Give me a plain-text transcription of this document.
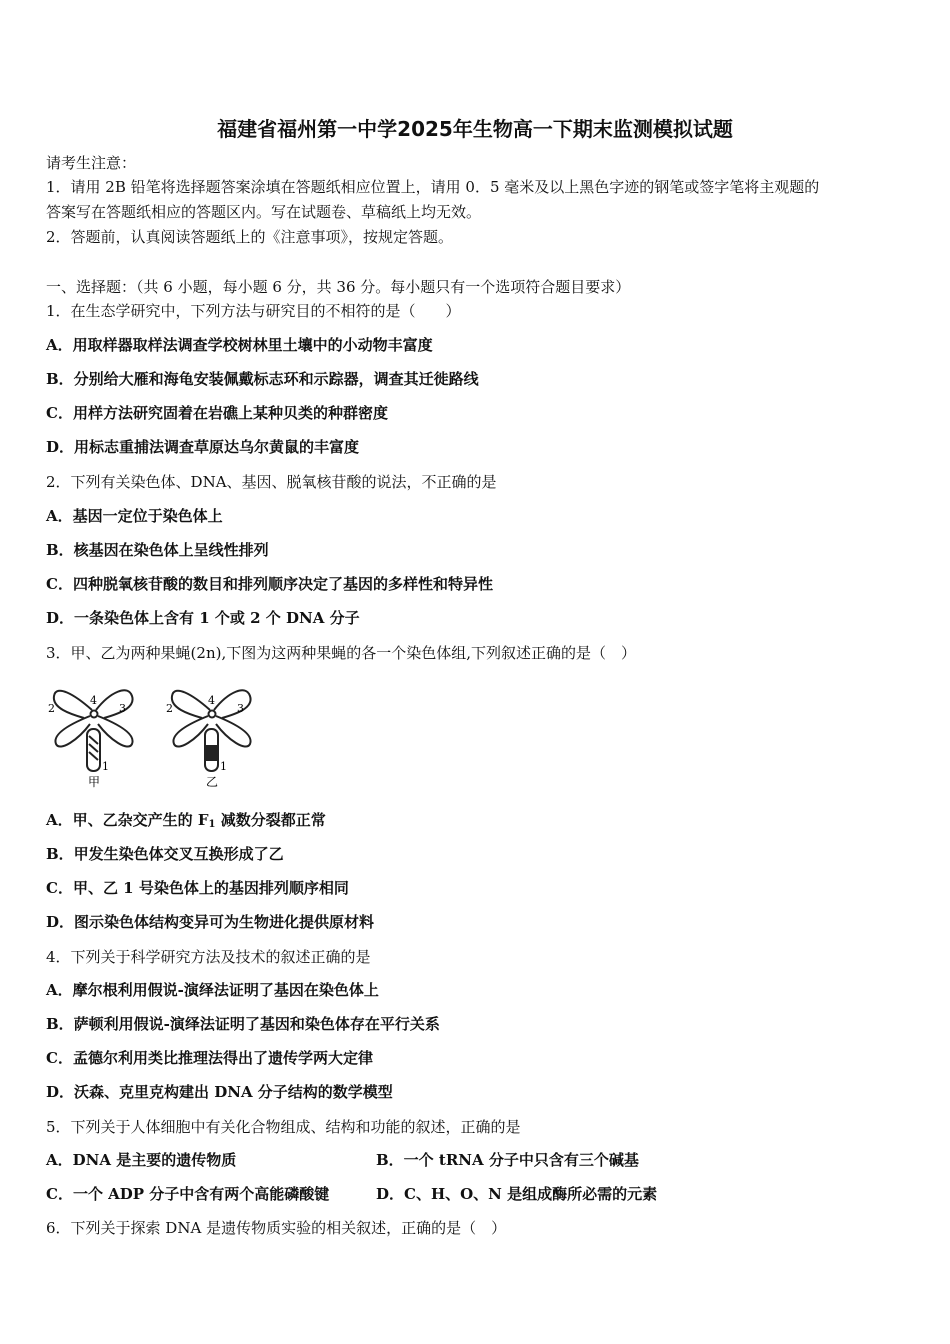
福建省福州第一中学2025年生物高一下期末监测模拟试题
请考生注意：
1．请用 2B 铅笔将选择题答案涂填在答题纸相应位置上，请用 0．5 毫米及以上黑色字迹的钢笔或签字笔将主观题的
答案写在答题纸相应的答题区内。写在试题卷、草稿纸上均无效。
2．答题前，认真阅读答题纸上的《注意事项》，按规定答题。
一、选择题：（共 6 小题，每小题 6 分，共 36 分。每小题只有一个选项符合题目要求）
1．在生态学研究中，下列方法与研究目的不相符的是（　　）
A．用取样器取样法调查学校树林里土壤中的小动物丰富度
B．分别给大雁和海龟安装佩戴标志环和示踪器，调查其迁徙路线
C．用样方法研究固着在岩礁上某种贝类的种群密度
D．用标志重捕法调查草原达乌尔黄鼠的丰富度
2．下列有关染色体、DNA、基因、脱氧核苷酸的说法，不正确的是
A．基因一定位于染色体上
B．核基因在染色体上呈线性排列
C．四种脱氧核苷酸的数目和排列顺序决定了基因的多样性和特异性
D．一条染色体上含有 1 个或 2 个 DNA 分子
3．甲、乙为两种果蝇(2n),下图为这两种果蝇的各一个染色体组,下列叙述正确的是（　）
2	3
4
1
甲
2	3
4
1
乙
A．甲、乙杂交产生的 $F_1$ 减数分裂都正常
B．甲发生染色体交叉互换形成了乙
C．甲、乙 1 号染色体上的基因排列顺序相同
D．图示染色体结构变异可为生物进化提供原材料
4．下列关于科学研究方法及技术的叙述正确的是
A．摩尔根利用假说-演绎法证明了基因在染色体上
B．萨顿利用假说-演绎法证明了基因和染色体存在平行关系
C．孟德尔利用类比推理法得出了遗传学两大定律
D．沃森、克里克构建出 DNA 分子结构的数学模型
5．下列关于人体细胞中有关化合物组成、结构和功能的叙述，正确的是
A．DNA 是主要的遗传物质	B．一个 tRNA 分子中只含有三个碱基
C．一个 ADP 分子中含有两个高能磷酸键	D．C、H、O、N 是组成酶所必需的元素
6．下列关于探索 DNA 是遗传物质实验的相关叙述，正确的是（　）
